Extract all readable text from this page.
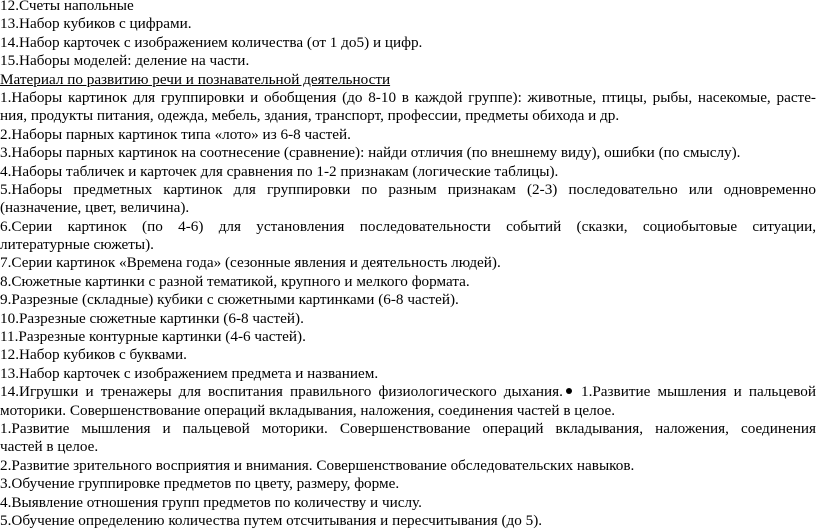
12.Счеты напольные
13.Набор кубиков с цифрами.
14.Набор карточек с изображением количества (от 1 до5) и цифр.
15.Наборы моделей: деление на части.
Материал по развитию речи и познавательной деятельности
1.Наборы картинок для группировки и обобщения (до 8-10 в каждой группе): животные, птицы, рыбы, насекомые, расте-
ния, продукты питания, одежда, мебель, здания, транспорт, профессии, предметы обихода и др.
2.Наборы парных картинок типа «лото» из 6-8 частей.
3.Наборы парных картинок на соотнесение (сравнение): найди отличия (по внешнему виду), ошибки (по смыслу).
4.Наборы табличек и карточек для сравнения по 1-2 признакам (логические таблицы).
5.Наборы предметных картинок для группировки по разным признакам (2-3) последовательно или одновременно
(назначение, цвет, величина).
6.Серии картинок (по 4-6) для установления последовательности событий (сказки, социобытовые ситуации,
литературные сюжеты).
7.Серии картинок «Времена года» (сезонные явления и деятельность людей).
8.Сюжетные картинки с разной тематикой, крупного и мелкого формата.
9.Разрезные (складные) кубики с сюжетными картинками (6-8 частей).
10.Разрезные сюжетные картинки (6-8 частей).
11.Разрезные контурные картинки (4-6 частей).
12.Набор кубиков с буквами.
13.Набор карточек с изображением предмета и названием.
14.Игрушки и тренажеры для воспитания правильного физиологического дыхания. 1.Развитие мышления и пальцевой
моторики. Совершенствование операций вкладывания, наложения, соединения частей в целое.
1.Развитие мышления и пальцевой моторики. Совершенствование операций вкладывания, наложения, соединения
частей в целое.
2.Развитие зрительного восприятия и внимания. Совершенствование обследовательских навыков.
3.Обучение группировке предметов по цвету, размеру, форме.
4.Выявление отношения групп предметов по количеству и числу.
5.Обучение определению количества путем отсчитывания и пересчитывания (до 5).
